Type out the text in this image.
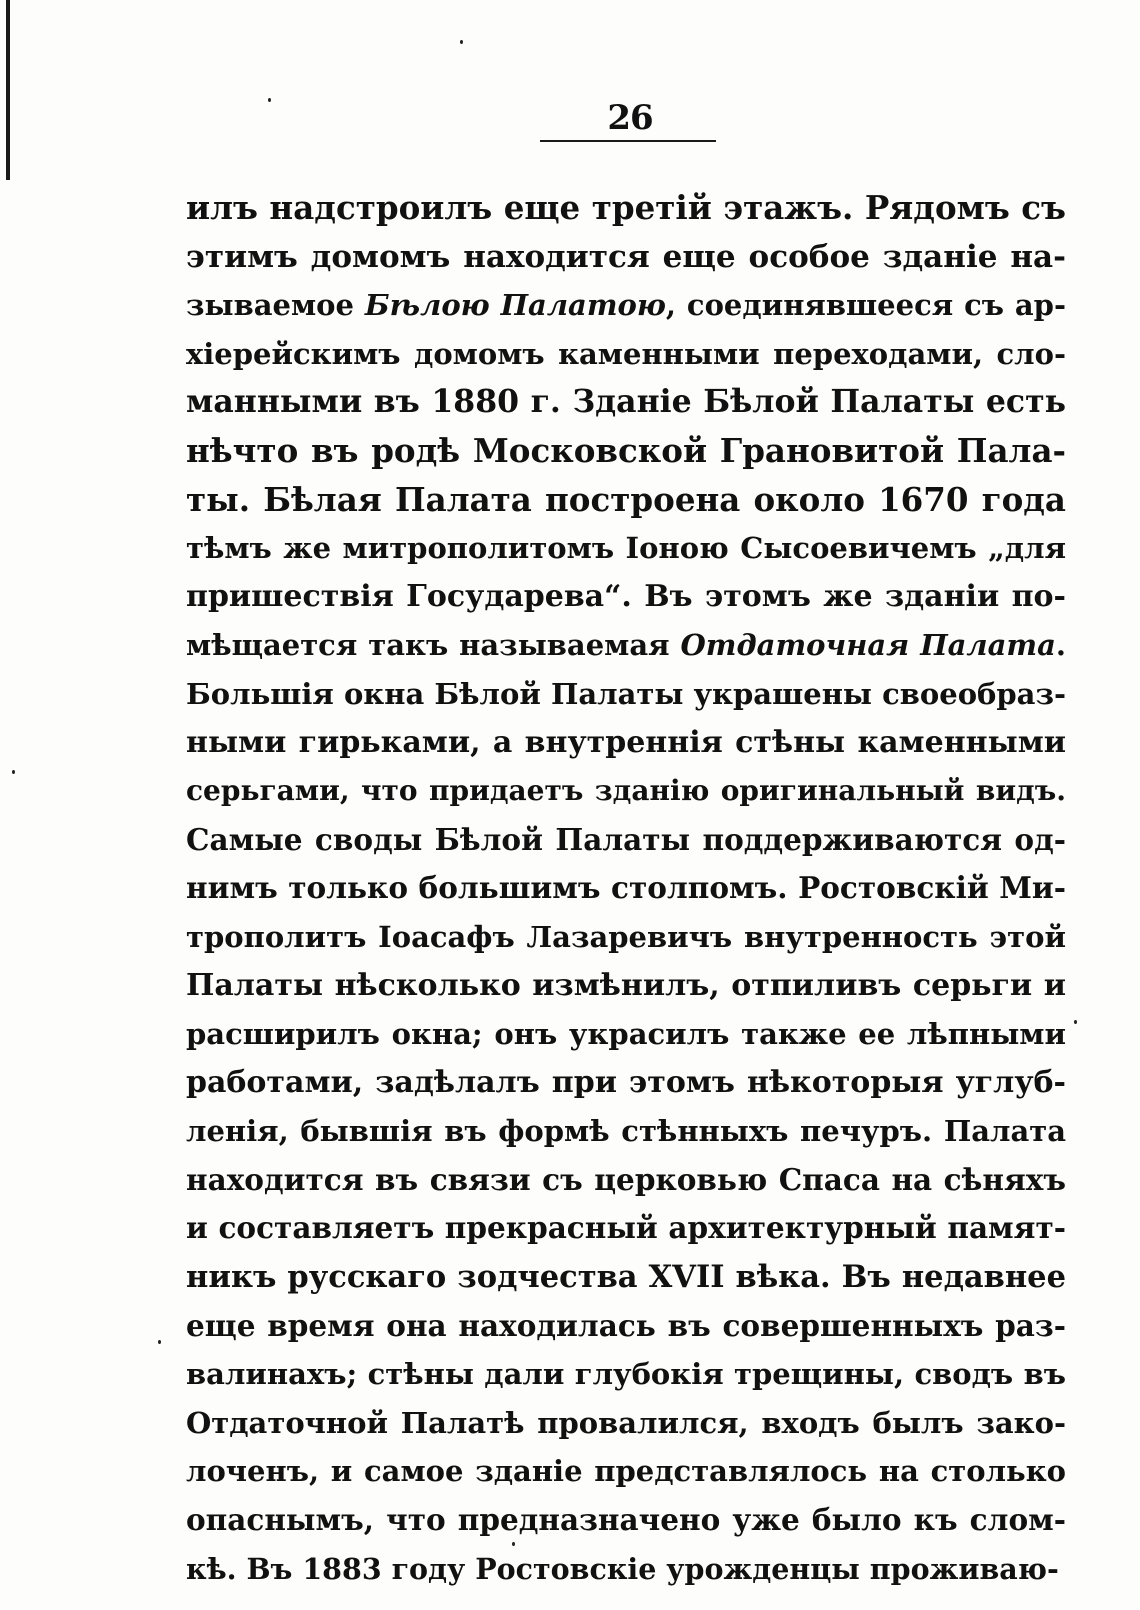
26
илъ надстроилъ еще третій этажъ. Рядомъ съ
этимъ домомъ находится еще особое зданіе на-
зываемое Бѣлою Палатою, соединявшееся съ ар-
хіерейскимъ домомъ каменными переходами, сло-
манными въ 1880 г. Зданіе Бѣлой Палаты есть
нѣчто въ родѣ Московской Грановитой Пала-
ты. Бѣлая Палата построена около 1670 года
тѣмъ же митрополитомъ Іоною Сысоевичемъ „для
пришествія Государева“. Въ этомъ же зданіи по-
мѣщается такъ называемая Отдаточная Палата.
Большія окна Бѣлой Палаты украшены своеобраз-
ными гирьками, а внутреннія стѣны каменными
серьгами, что придаетъ зданію оригинальный видъ.
Самые своды Бѣлой Палаты поддерживаются од-
нимъ только большимъ столпомъ. Ростовскій Ми-
трополитъ Іоасафъ Лазаревичъ внутренность этой
Палаты нѣсколько измѣнилъ, отпиливъ серьги и
расширилъ окна; онъ украсилъ также ее лѣпными
работами, задѣлалъ при этомъ нѣкоторыя углуб-
ленія, бывшія въ формѣ стѣнныхъ печуръ. Палата
находится въ связи съ церковью Спаса на сѣняхъ
и составляетъ прекрасный архитектурный памят-
никъ русскаго зодчества XVII вѣка. Въ недавнее
еще время она находилась въ совершенныхъ раз-
валинахъ; стѣны дали глубокія трещины, сводъ въ
Отдаточной Палатѣ провалился, входъ былъ зако-
лоченъ, и самое зданіе представлялось на столько
опаснымъ, что предназначено уже было къ слом-
кѣ. Въ 1883 году Ростовскіе урожденцы проживаю-
